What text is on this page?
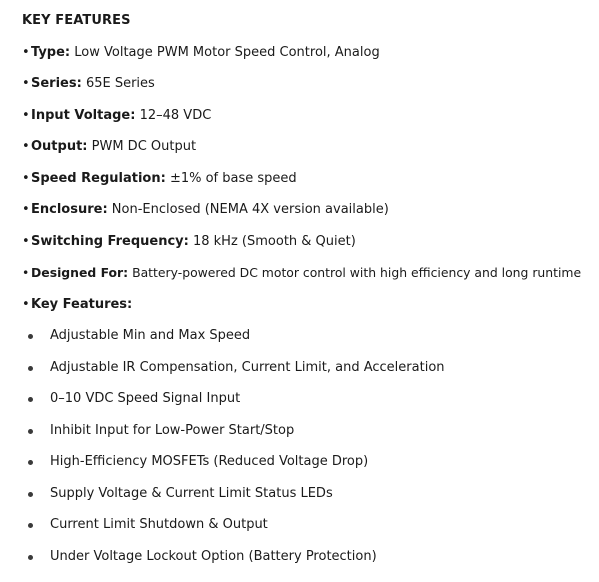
KEY FEATURES
•Type: Low Voltage PWM Motor Speed Control, Analog
•Series: 65E Series
•Input Voltage: 12–48 VDC
•Output: PWM DC Output
•Speed Regulation: ±1% of base speed
•Enclosure: Non-Enclosed (NEMA 4X version available)
•Switching Frequency: 18 kHz (Smooth & Quiet)
• Designed For: Battery-powered DC motor control with high efficiency and long runtime
•Key Features:
Adjustable Min and Max Speed
Adjustable IR Compensation, Current Limit, and Acceleration
0–10 VDC Speed Signal Input
Inhibit Input for Low-Power Start/Stop
High-Efficiency MOSFETs (Reduced Voltage Drop)
Supply Voltage & Current Limit Status LEDs
Current Limit Shutdown & Output
Under Voltage Lockout Option (Battery Protection)
